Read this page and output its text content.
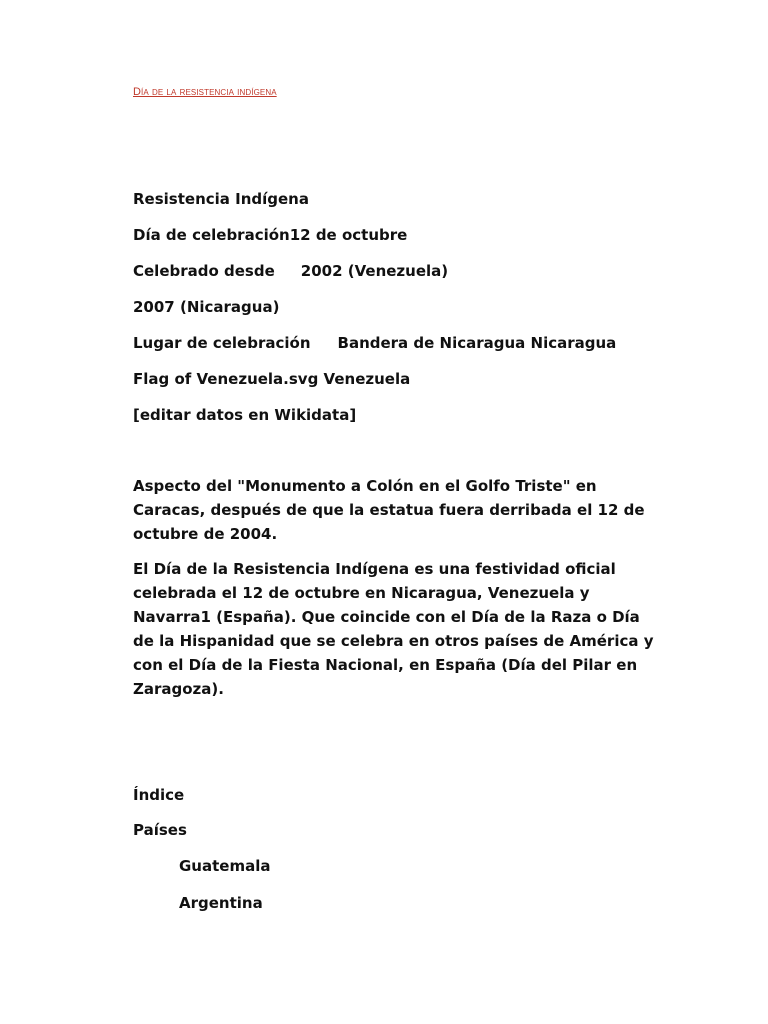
Día de la resistencia indígena
Resistencia Indígena
Día de celebración12 de octubre
Celebrado desde 2002 (Venezuela)
2007 (Nicaragua)
Lugar de celebración Bandera de Nicaragua Nicaragua
Flag of Venezuela.svg Venezuela
[editar datos en Wikidata]
Aspecto del "Monumento a Colón en el Golfo Triste" en
Caracas, después de que la estatua fuera derribada el 12 de
octubre de 2004.
El Día de la Resistencia Indígena es una festividad oficial
celebrada el 12 de octubre en Nicaragua, Venezuela y
Navarra1 (España). Que coincide con el Día de la Raza o Día
de la Hispanidad que se celebra en otros países de América y
con el Día de la Fiesta Nacional, en España (Día del Pilar en
Zaragoza).
Índice
Países
Guatemala
Argentina
